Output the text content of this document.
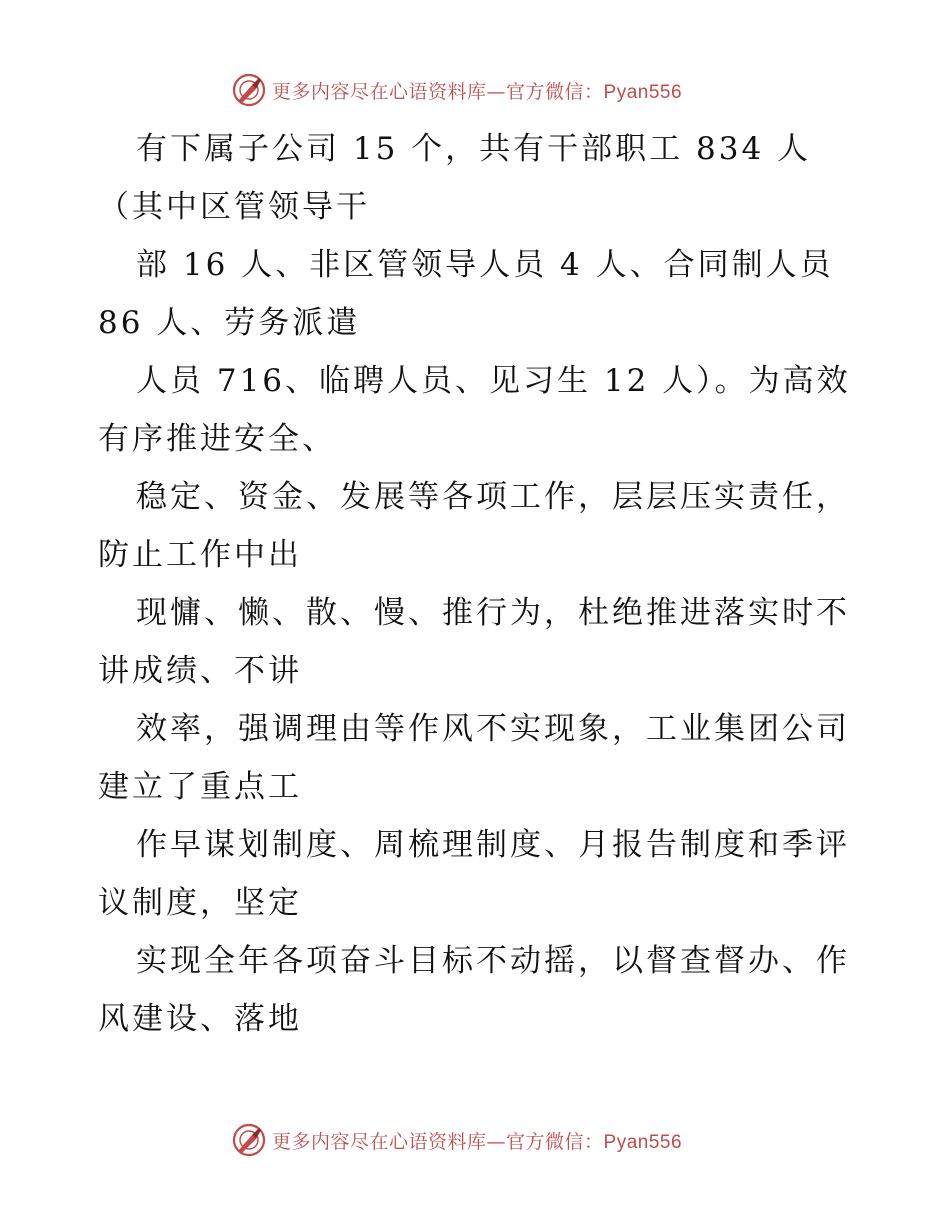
更多内容尽在心语资料库—官方微信：Pyan556
有下属子公司 15 个，共有干部职工 834 人
（其中区管领导干
部 16 人、非区管领导人员 4 人、合同制人员
86 人、劳务派遣
人员 716、临聘人员、见习生 12 人）。为高效
有序推进安全、
稳定、资金、发展等各项工作，层层压实责任，
防止工作中出
现慵、懒、散、慢、推行为，杜绝推进落实时不
讲成绩、不讲
效率，强调理由等作风不实现象，工业集团公司
建立了重点工
作早谋划制度、周梳理制度、月报告制度和季评
议制度，坚定
实现全年各项奋斗目标不动摇，以督查督办、作
风建设、落地
更多内容尽在心语资料库—官方微信：Pyan556
